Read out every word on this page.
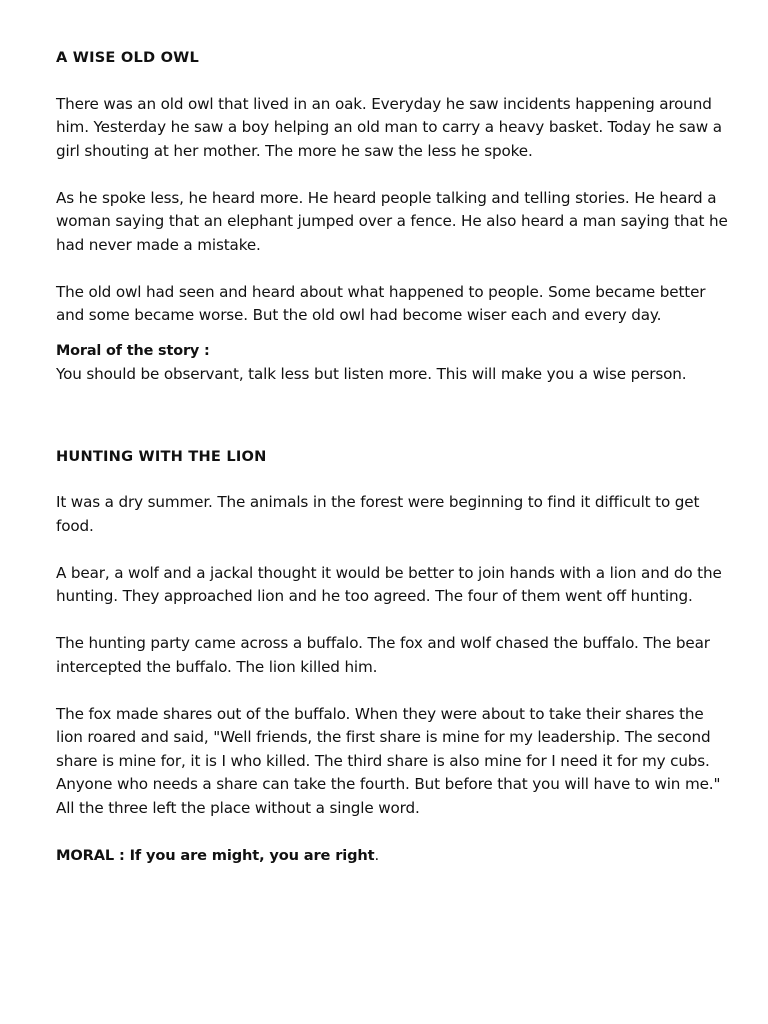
A WISE OLD OWL

There was an old owl that lived in an oak. Everyday he saw incidents happening around him. Yesterday he saw a boy helping an old man to carry a heavy basket. Today he saw a girl shouting at her mother. The more he saw the less he spoke.

As he spoke less, he heard more. He heard people talking and telling stories. He heard a woman saying that an elephant jumped over a fence. He also heard a man saying that he had never made a mistake.

The old owl had seen and heard about what happened to people. Some became better and some became worse. But the old owl had become wiser each and every day.

Moral of the story :

You should be observant, talk less but listen more. This will make you a wise person.

HUNTING WITH THE LION

It was a dry summer. The animals in the forest were beginning to find it difficult to get food.

A bear, a wolf and a jackal thought it would be better to join hands with a lion and do the hunting. They approached lion and he too agreed. The four of them went off hunting.

The hunting party came across a buffalo. The fox and wolf chased the buffalo. The bear intercepted the buffalo. The lion killed him.

The fox made shares out of the buffalo. When they were about to take their shares the lion roared and said, "Well friends, the first share is mine for my leadership. The second share is mine for, it is I who killed. The third share is also mine for I need it for my cubs. Anyone who needs a share can take the fourth. But before that you will have to win me." All the three left the place without a single word.

MORAL : If you are might, you are right.
